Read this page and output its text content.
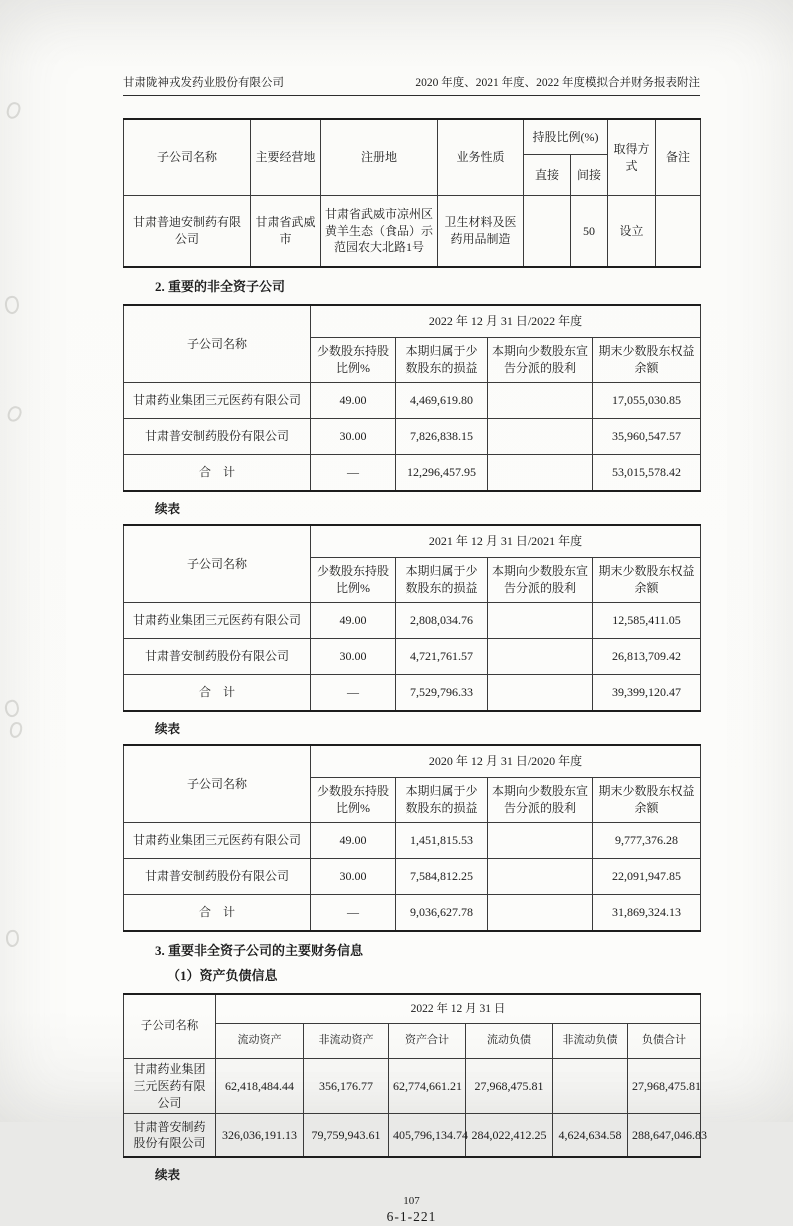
甘肃陇神戎发药业股份有限公司	2020 年度、2021 年度、2022 年度模拟合并财务报表附注
子公司名称	主要经营地	注册地	业务性质	持股比例(%)		取得方式	备注
				直接	间接		
甘肃普迪安制药有限公司	甘肃省武威市	甘肃省武威市凉州区黄羊生态（食品）示范园农大北路1号	卫生材料及医药用品制造		50	设立	
2. 重要的非全资子公司
子公司名称	2022 年 12 月 31 日/2022 年度			
	少数股东持股比例%	本期归属于少数股东的损益	本期向少数股东宣告分派的股利	期末少数股东权益余额
甘肃药业集团三元医药有限公司	49.00	4,469,619.80		17,055,030.85
甘肃普安制药股份有限公司	30.00	7,826,838.15		35,960,547.57
合　计	—	12,296,457.95		53,015,578.42
续表
子公司名称	2021 年 12 月 31 日/2021 年度			
	少数股东持股比例%	本期归属于少数股东的损益	本期向少数股东宣告分派的股利	期末少数股东权益余额
甘肃药业集团三元医药有限公司	49.00	2,808,034.76		12,585,411.05
甘肃普安制药股份有限公司	30.00	4,721,761.57		26,813,709.42
合　计	—	7,529,796.33		39,399,120.47
续表
子公司名称	2020 年 12 月 31 日/2020 年度			
	少数股东持股比例%	本期归属于少数股东的损益	本期向少数股东宣告分派的股利	期末少数股东权益余额
甘肃药业集团三元医药有限公司	49.00	1,451,815.53		9,777,376.28
甘肃普安制药股份有限公司	30.00	7,584,812.25		22,091,947.85
合　计	—	9,036,627.78		31,869,324.13
3. 重要非全资子公司的主要财务信息
（1）资产负债信息
子公司名称	2022 年 12 月 31 日					
	流动资产	非流动资产	资产合计	流动负债	非流动负债	负债合计
甘肃药业集团三元医药有限公司	62,418,484.44	356,176.77	62,774,661.21	27,968,475.81		27,968,475.81
甘肃普安制药股份有限公司	326,036,191.13	79,759,943.61	405,796,134.74	284,022,412.25	4,624,634.58	288,647,046.83
续表
107
6-1-221
